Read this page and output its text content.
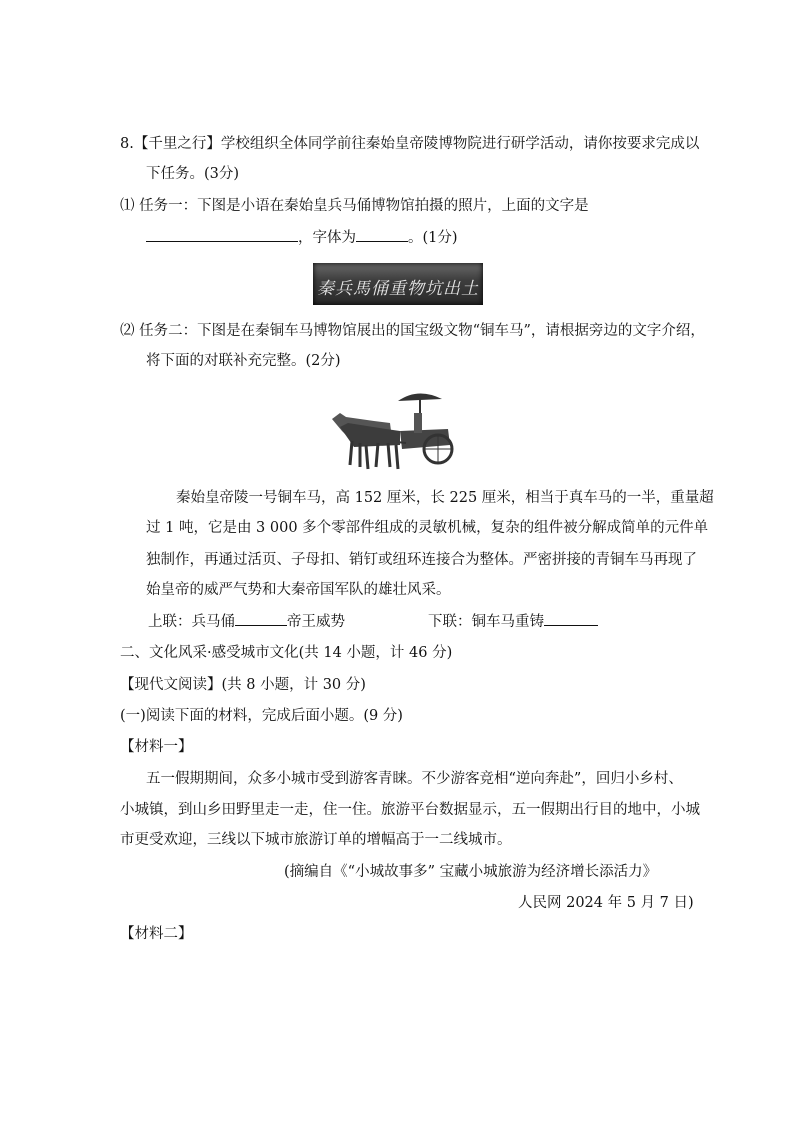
8.【千里之行】学校组织全体同学前往秦始皇帝陵博物院进行研学活动，请你按要求完成以
下任务。(3分)
⑴ 任务一：下图是小语在秦始皇兵马俑博物馆拍摄的照片，上面的文字是
，字体为	。(1分)
秦兵馬俑重物坑出土
⑵ 任务二：下图是在秦铜车马博物馆展出的国宝级文物“铜车马”，请根据旁边的文字介绍，
将下面的对联补充完整。(2分)
秦始皇帝陵一号铜车马，高 152 厘米，长 225 厘米，相当于真车马的一半，重量超
过 1 吨，它是由 3 000 多个零部件组成的灵敏机械，复杂的组件被分解成简单的元件单
独制作，再通过活页、子母扣、销钉或纽环连接合为整体。严密拼接的青铜车马再现了
始皇帝的威严气势和大秦帝国军队的雄壮风采。
上联：兵马俑	帝王威势	下联：铜车马重铸
二、文化风采·感受城市文化(共 14 小题，计 46 分)
【现代文阅读】(共 8 小题，计 30 分)
(一)阅读下面的材料，完成后面小题。(9 分)
【材料一】
五一假期期间，众多小城市受到游客青睐。不少游客竞相“逆向奔赴”，回归小乡村、
小城镇，到山乡田野里走一走，住一住。旅游平台数据显示，五一假期出行目的地中，小城
市更受欢迎，三线以下城市旅游订单的增幅高于一二线城市。
(摘编自《“小城故事多” 宝藏小城旅游为经济增长添活力》
人民网 2024 年 5 月 7 日)
【材料二】
